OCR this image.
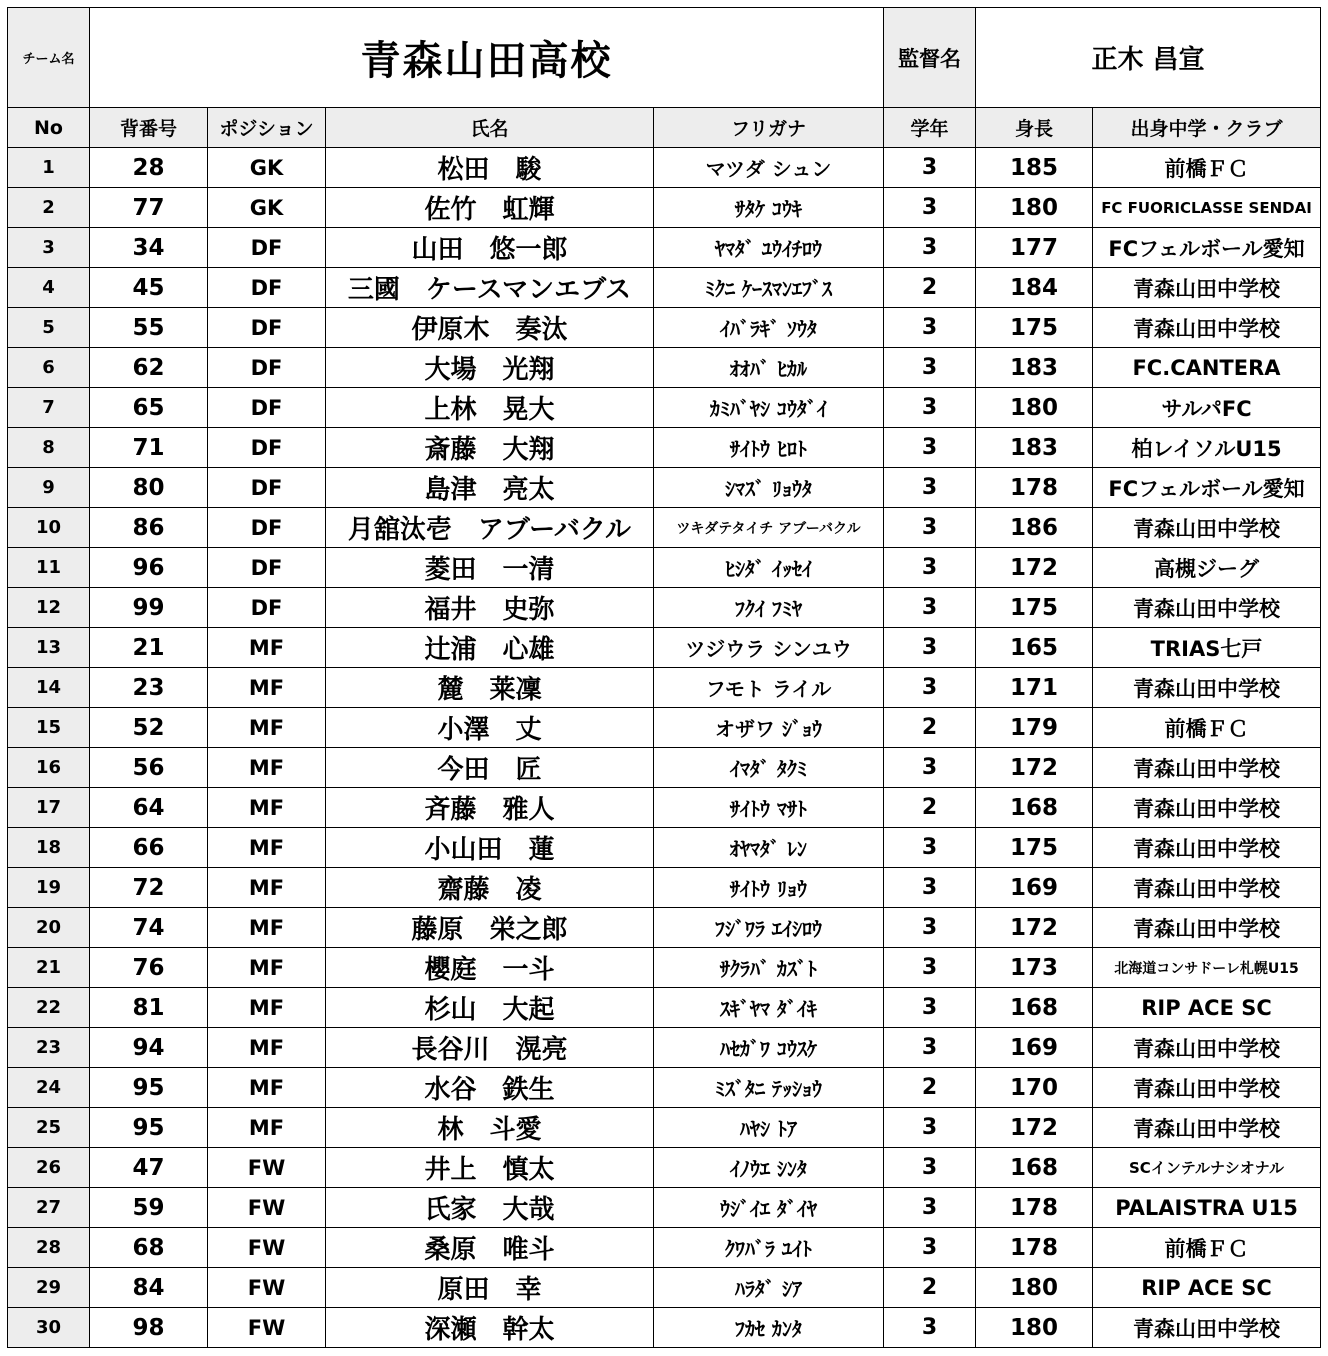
チーム名	青森山田高校				監督名	正木 昌宣	
No	背番号	ポジション	氏名	フリガナ	学年	身長	出身中学・クラブ
1	28	GK	松田　駿	マツダ シュン	3	185	前橋ＦＣ
2	77	GK	佐竹　虹輝	ｻﾀｹ ｺｳｷ	3	180	FC FUORICLASSE SENDAI
3	34	DF	山田　悠一郎	ﾔﾏﾀﾞ ﾕｳｲﾁﾛｳ	3	177	FCフェルボール愛知
4	45	DF	三國　ケースマンエブス	ﾐｸﾆ ｹｰｽﾏﾝｴﾌﾞｽ	2	184	青森山田中学校
5	55	DF	伊原木　奏汰	ｲﾊﾞﾗｷﾞ ｿｳﾀ	3	175	青森山田中学校
6	62	DF	大場　光翔	ｵｵﾊﾞ ﾋｶﾙ	3	183	FC.CANTERA
7	65	DF	上林　晃大	ｶﾐﾊﾞﾔｼ ｺｳﾀﾞｲ	3	180	サルパFC
8	71	DF	斎藤　大翔	ｻｲﾄｳ ﾋﾛﾄ	3	183	柏レイソルU15
9	80	DF	島津　亮太	ｼﾏｽﾞ ﾘｮｳﾀ	3	178	FCフェルボール愛知
10	86	DF	月舘汰壱　アブーバクル	ツキダテタイチ アブーバクル	3	186	青森山田中学校
11	96	DF	菱田　一清	ﾋｼﾀﾞ ｲｯｾｲ	3	172	高槻ジーグ
12	99	DF	福井　史弥	ﾌｸｲ ﾌﾐﾔ	3	175	青森山田中学校
13	21	MF	辻浦　心雄	ツジウラ シンユウ	3	165	TRIAS七戸
14	23	MF	麓　莱凜	フモト ライル	3	171	青森山田中学校
15	52	MF	小澤　丈	オザワ ｼﾞｮｳ	2	179	前橋ＦＣ
16	56	MF	今田　匠	ｲﾏﾀﾞ ﾀｸﾐ	3	172	青森山田中学校
17	64	MF	斉藤　雅人	ｻｲﾄｳ ﾏｻﾄ	2	168	青森山田中学校
18	66	MF	小山田　蓮	ｵﾔﾏﾀﾞ ﾚﾝ	3	175	青森山田中学校
19	72	MF	齋藤　凌	ｻｲﾄｳ ﾘｮｳ	3	169	青森山田中学校
20	74	MF	藤原　栄之郎	ﾌｼﾞﾜﾗ ｴｲｼﾛｳ	3	172	青森山田中学校
21	76	MF	櫻庭　一斗	ｻｸﾗﾊﾞ ｶｽﾞﾄ	3	173	北海道コンサドーレ札幌U15
22	81	MF	杉山　大起	ｽｷﾞﾔﾏ ﾀﾞｲｷ	3	168	RIP ACE SC
23	94	MF	長谷川　滉亮	ﾊｾｶﾞﾜ ｺｳｽｹ	3	169	青森山田中学校
24	95	MF	水谷　鉄生	ﾐｽﾞﾀﾆ ﾃｯｼｮｳ	2	170	青森山田中学校
25	95	MF	林　斗愛	ﾊﾔｼ ﾄｱ	3	172	青森山田中学校
26	47	FW	井上　慎太	ｲﾉｳｴ ｼﾝﾀ	3	168	SCインテルナシオナル
27	59	FW	氏家　大哉	ｳｼﾞｲｴ ﾀﾞｲﾔ	3	178	PALAISTRA U15
28	68	FW	桑原　唯斗	ｸﾜﾊﾞﾗ ﾕｲﾄ	3	178	前橋ＦＣ
29	84	FW	原田　幸	ﾊﾗﾀﾞ ｼｱ	2	180	RIP ACE SC
30	98	FW	深瀬　幹太	ﾌｶｾ ｶﾝﾀ	3	180	青森山田中学校
